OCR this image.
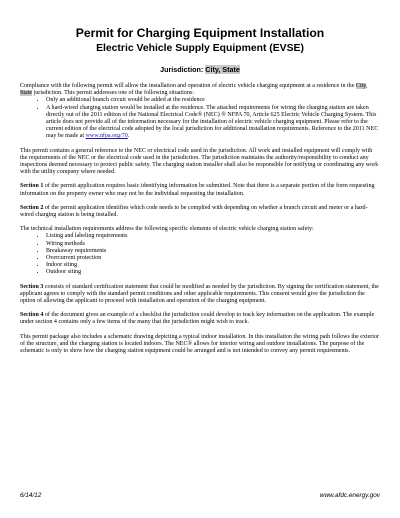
Permit for Charging Equipment Installation
Electric Vehicle Supply Equipment (EVSE)
Jurisdiction: City, State

Compliance with the following permit will allow the installation and operation of electric vehicle charging equipment at a residence in the City, State jurisdiction. This permit addresses one of the following situations:

• Only an additional branch circuit would be added at the residence
• A hard-wired charging station would be installed at the residence. The attached requirements for wiring the charging station are taken directly out of the 2011 edition of the National Electrical Code® (NEC) ® NFPA 70, Article 625 Electric Vehicle Charging System. This article does not provide all of the information necessary for the installation of electric vehicle charging equipment. Please refer to the current edition of the electrical code adopted by the local jurisdiction for additional installation requirements. Reference to the 2011 NEC may be made at www.nfpa.org/70.

This permit contains a general reference to the NEC or electrical code used in the jurisdiction. All work and installed equipment will comply with the requirements of the NEC or the electrical code used in the jurisdiction. The jurisdiction maintains the authority/responsibility to conduct any inspections deemed necessary to protect public safety. The charging station installer shall also be responsible for notifying or coordinating any work with the utility company where needed.

Section 1 of the permit application requires basic identifying information be submitted. Note that there is a separate portion of the form requesting information on the property owner who may not be the individual requesting the installation.

Section 2 of the permit application identifies which code needs to be complied with depending on whether a branch circuit and meter or a hard-wired charging station is being installed.

The technical installation requirements address the following specific elements of electric vehicle charging station safety:

• Listing and labeling requirements
• Wiring methods
• Breakaway requirements
• Overcurrent protection
• Indoor siting
• Outdoor siting

Section 3 consists of standard certification statement that could be modified as needed by the jurisdiction. By signing the certification statement, the applicant agrees to comply with the standard permit conditions and other applicable requirements. This consent would give the jurisdiction the option of allowing the applicant to proceed with installation and operation of the charging equipment.

Section 4 of the document gives an example of a checklist the jurisdiction could develop to track key information on the application. The example under section 4 contains only a few items of the many that the jurisdiction might wish to track.

This permit package also includes a schematic drawing depicting a typical indoor installation. In this installation the wiring path follows the exterior of the structure, and the charging station is located indoors. The NEC® allows for interior wiring and outdoor installations. The purpose of the schematic is only to show how the charging station equipment could be arranged and is not intended to convey any permit requirements.

6/14/12	www.afdc.energy.gov
